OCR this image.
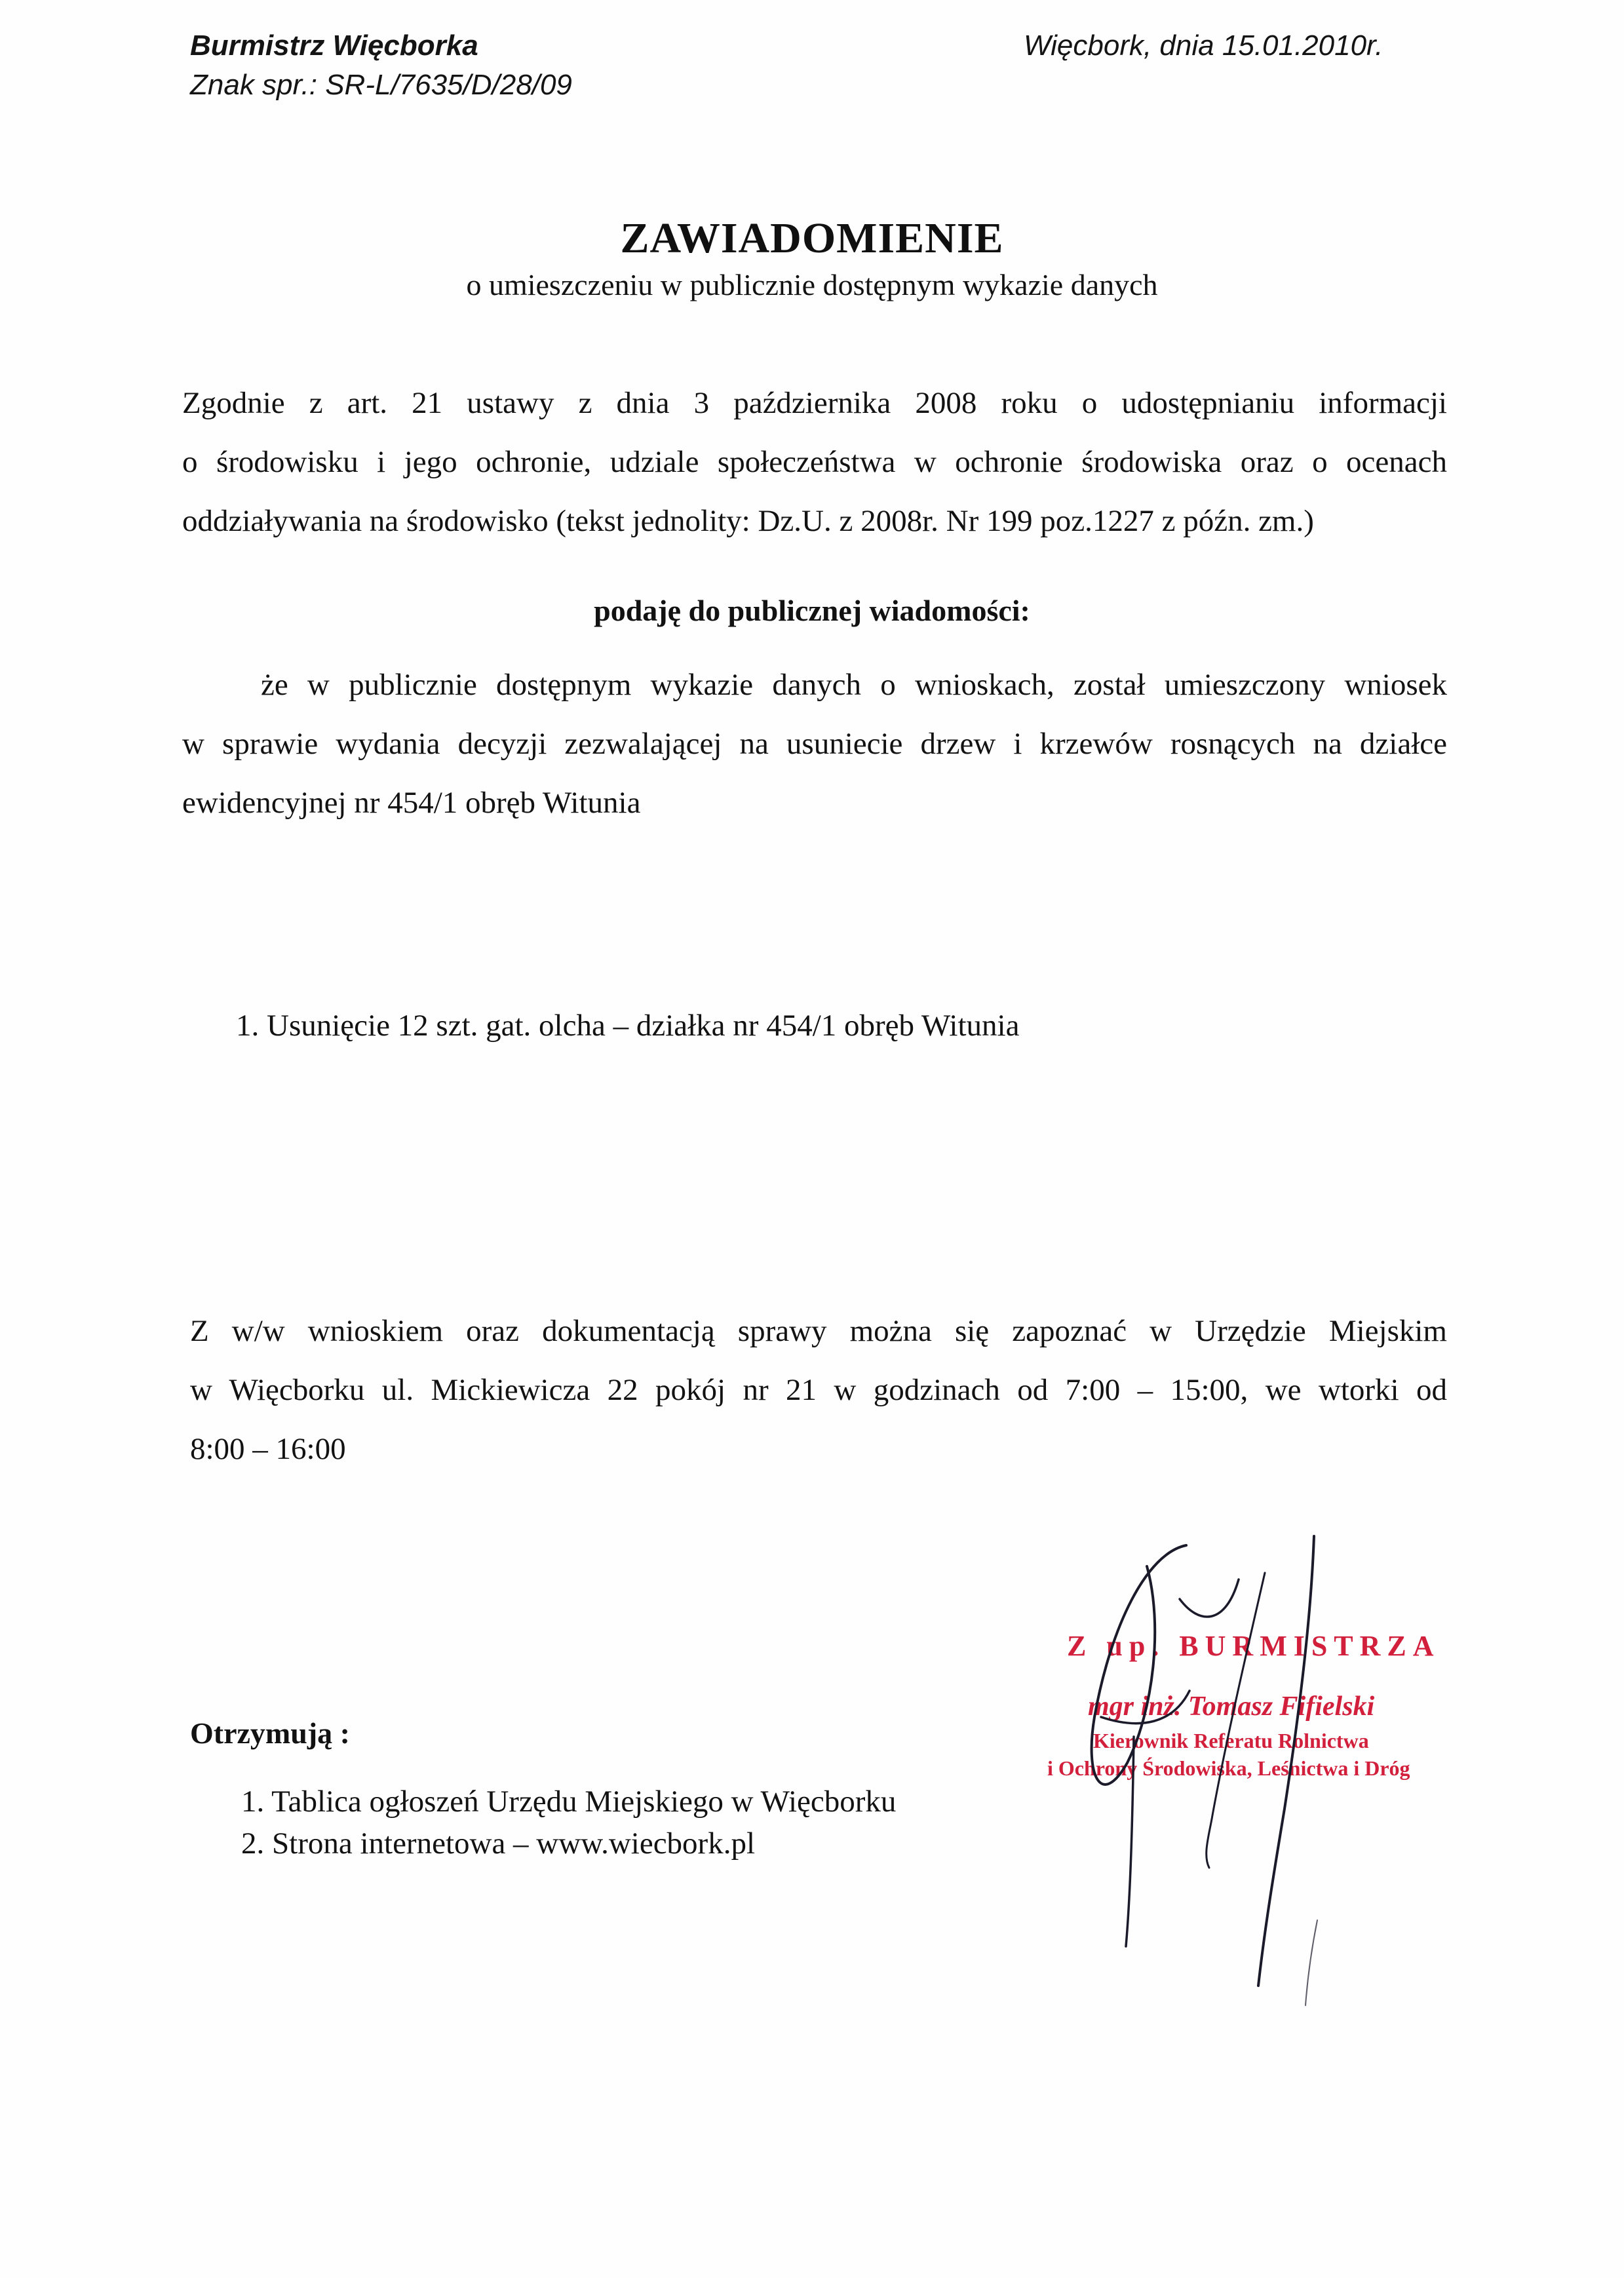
Burmistrz Więcborka
Znak spr.: SR-L/7635/D/28/09
Więcbork, dnia 15.01.2010r.
ZAWIADOMIENIE
o umieszczeniu w publicznie dostępnym wykazie danych
Zgodnie z art. 21 ustawy z dnia 3 października 2008 roku o udostępnianiu informacji
o środowisku i jego ochronie, udziale społeczeństwa w ochronie środowiska oraz o ocenach
oddziaływania na środowisko (tekst jednolity: Dz.U. z 2008r. Nr 199 poz.1227 z późn. zm.)
podaję do publicznej wiadomości:
że w publicznie dostępnym wykazie danych o wnioskach, został umieszczony wniosek
w sprawie wydania decyzji zezwalającej na usuniecie drzew i krzewów rosnących na działce
ewidencyjnej nr 454/1 obręb Witunia
1. Usunięcie 12 szt. gat. olcha – działka nr 454/1 obręb Witunia
Z w/w wnioskiem oraz dokumentacją sprawy można się zapoznać w Urzędzie Miejskim
w Więcborku ul. Mickiewicza 22 pokój nr 21 w godzinach od 7:00 – 15:00, we wtorki od
8:00 – 16:00
Otrzymują :
1. Tablica ogłoszeń Urzędu Miejskiego w Więcborku
2. Strona internetowa – www.wiecbork.pl
Z up. BURMISTRZA
mgr inż. Tomasz Fifielski
Kierownik Referatu Rolnictwa
i Ochrony Środowiska, Leśnictwa i Dróg
